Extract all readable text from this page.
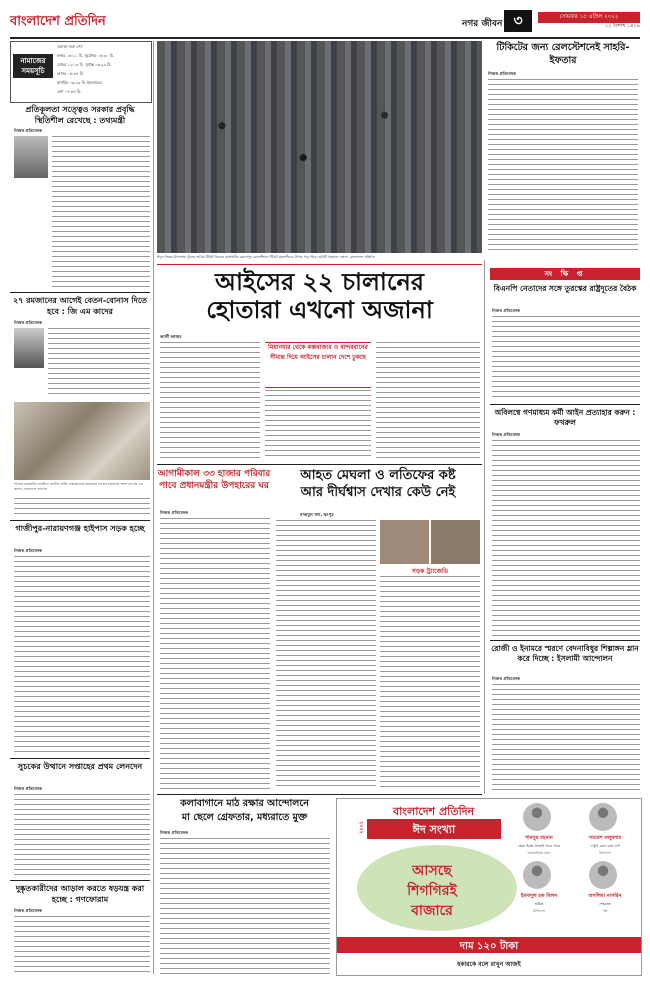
বাংলাদেশ প্রতিদিন	নগর জীবন ৩	সোমবার ১৫ এপ্রিল ২০২২
১২ বৈশাখ ১৪২৯
নামাজের সময়সূচি
ওয়াক্ত শুরু শেষ
ফজর ০৪:১১ মি. সূর্যোদয় ০৫:৩০ মি.
যোহর ১২:০৩ মি. সূর্যাস্ত ০৬:২৯ মি.
আসর ০৪:৩৭ মি.
মাগরিব ০৬:২৯ মি. ইফতারের
এশা ০৭:৪৪ মি.
প্রতিকূলতা সত্ত্বেও সরকার প্রবৃদ্ধি স্থিতিশীল রেখেছে : তথ্যমন্ত্রী
নিজস্ব প্রতিবেদক
২৭ রমজানের আগেই বেতন-বোনাস দিতে হবে : জি এম কাদের
নিজস্ব প্রতিবেদক
শনিবার রাজধানীর বনানীতে জাতীয় পার্টির চেয়ারম্যানের কার্যালয়ে ইফতার মাহফিলে অংশ নেন জি এম কাদের -বাংলাদেশ প্রতিদিন
গাজীপুর-নারায়ণগঞ্জ হাইপাস সড়ক হচ্ছে
নিজস্ব প্রতিবেদক
সুচকের উত্থানে সপ্তাহের প্রথম লেনদেন
নিজস্ব প্রতিবেদক
দুষ্কৃতকারীদের আড়াল করতে ষড়যন্ত্র করা হচ্ছে : গণফোরাম
নিজস্ব প্রতিবেদক
ঈদুল ফিতর উপলক্ষে ট্রেনের অগ্রিম টিকিট কিনতে রাজধানীর কমলাপুর রেলস্টেশনে টিকিট প্রত্যাশীদের উপচে পড়া ভিড়। ছবিটি গতকাল তোলা -বাংলাদেশ প্রতিদিন
টিকিটের জন্য রেলস্টেশনেই সাহরি-ইফতার
নিজস্ব প্রতিবেদক
আইসের ২২ চালানের
হোতারা এখনো অজানা
আলী আজম
মিয়ানমার থেকে কক্সবাজার ও বান্দরবানের সীমান্ত দিয়ে আইসের চালান দেশে ঢুকছে
আগামীকাল ৩৩ হাজার পরিবার পাবে প্রধানমন্ত্রীর উপহারের ঘর
নিজস্ব প্রতিবেদক
আহত মেঘলা ও লতিফের কষ্ট
আর দীর্ঘশ্বাস দেখার কেউ নেই
নাজমুল হুদা, ঝংপুর
সড়ক ট্র্যাজেডি
কলাবাগানে মাঠ রক্ষার আন্দোলনে
মা ছেলে গ্রেফতার, মধ্যরাতে মুক্ত
নিজস্ব প্রতিবেদক
সং ক্ষি প্ত
বিএনপি নেতাদের সঙ্গে তুরস্কের রাষ্ট্রদূতের বৈঠক
নিজস্ব প্রতিবেদক
অবিলম্বে গণমাধ্যম কর্মী আইন প্রত্যাহার করুন : ফখরুল
নিজস্ব প্রতিবেদক
রোজী ও ইনামরে স্মরণে বেদনাবিধুর শিল্পাঙ্গন ম্লান করে দিচ্ছে : ইসলামী আন্দোলন
নিজস্ব প্রতিবেদক
বাংলাদেশ প্রতিদিন
ঈদ সংখ্যা
২০২২
আসছে
শিগগিরই
বাজারে
শামসুর রহমান
যেমন ইচ্ছে সাজাই সারে সারে
জমজমিতে রানা
সমরেশ মজুমদার
এখুনি বলে গুপ্ত দর্শে
উপন্যাস
ইমদাদুল হক মিলন
অর্চিত
উপন্যাস
তসলিমা নাসরিন
শেহরাজ
গল্প
দাম ১২০ টাকা
হকারকে বলে রাখুন আজই
